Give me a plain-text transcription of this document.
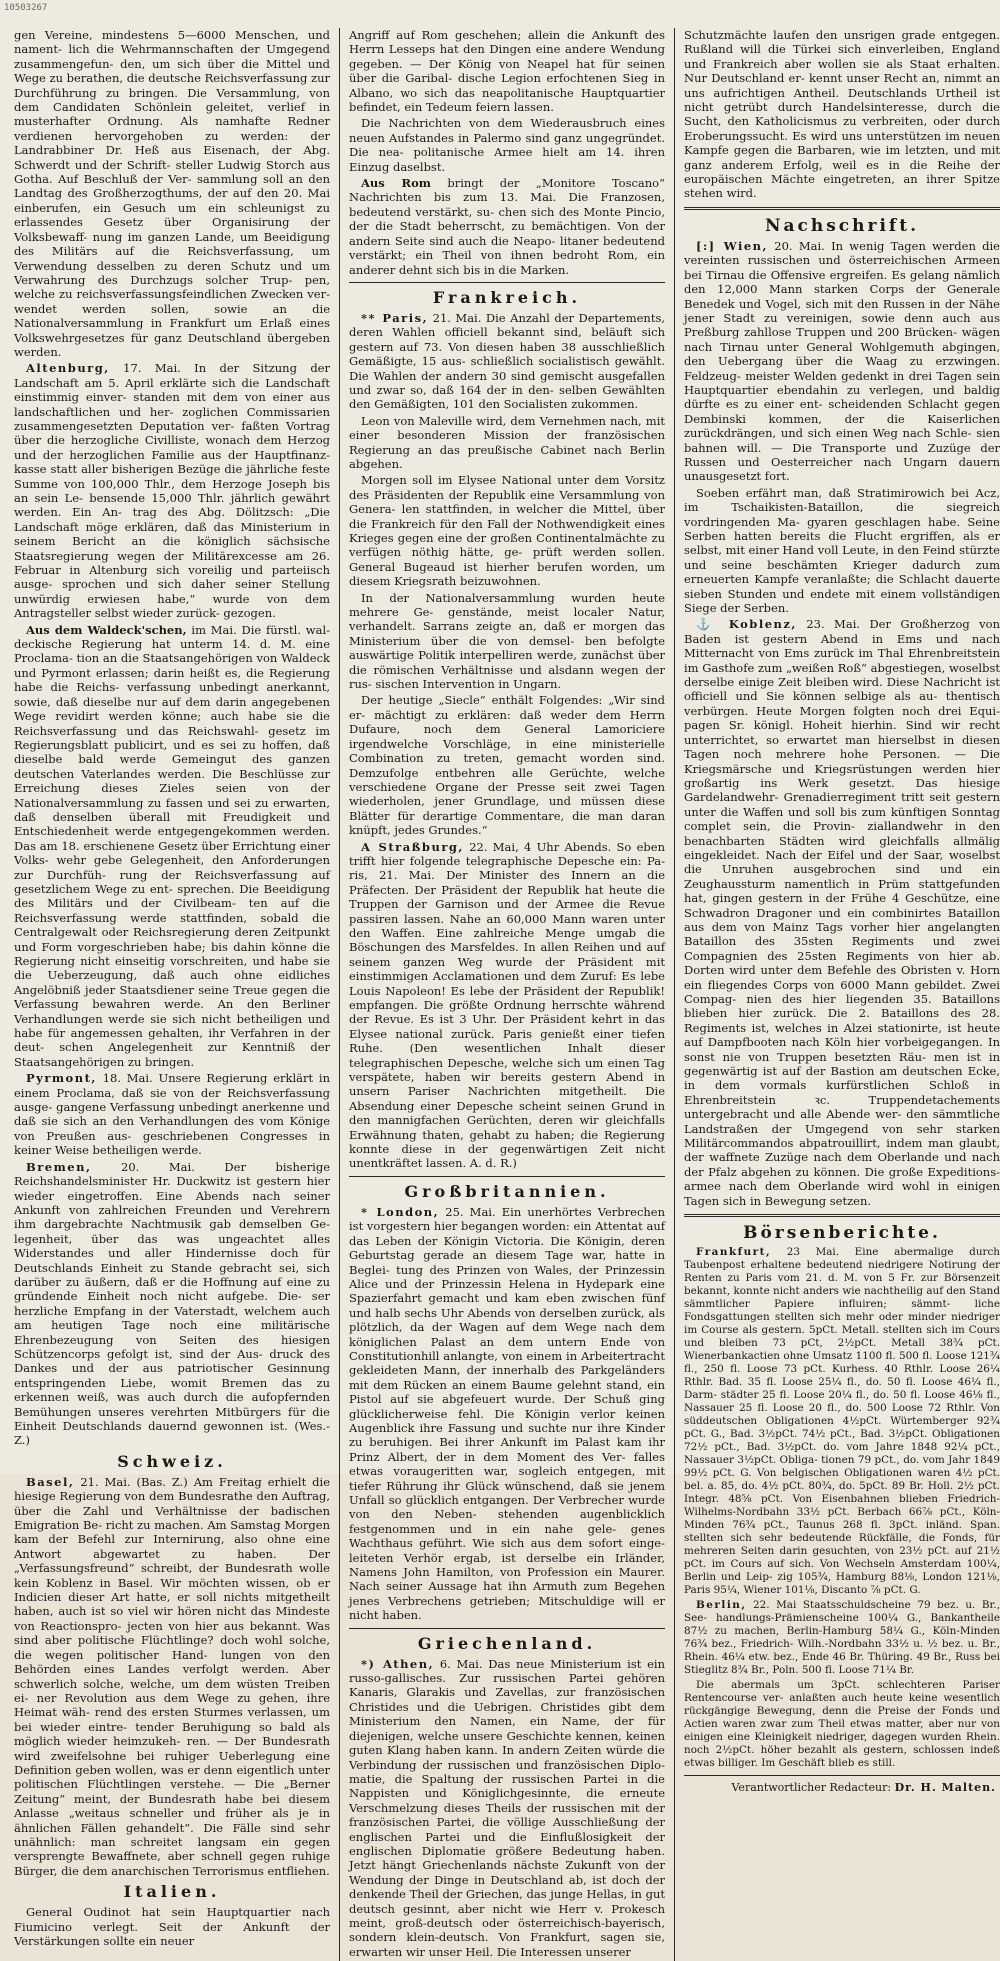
10503267

gen Vereine, mindestens 5—6000 Menschen, und nament- lich die Wehrmannschaften der Umgegend zusammengefun- den, um sich über die Mittel und Wege zu berathen, die deutsche Reichsverfassung zur Durchführung zu bringen. Die Versammlung, von dem Candidaten Schönlein geleitet, verlief in musterhafter Ordnung. Als namhafte Redner verdienen hervorgehoben zu werden: der Landrabbiner Dr. Heß aus Eisenach, der Abg. Schwerdt und der Schrift- steller Ludwig Storch aus Gotha. Auf Beschluß der Ver- sammlung soll an den Landtag des Großherzogthums, der auf den 20. Mai einberufen, ein Gesuch um ein schleunigst zu erlassendes Gesetz über Organisirung der Volksbewaff- nung im ganzen Lande, um Beeidigung des Militärs auf die Reichsverfassung, um Verwendung desselben zu deren Schutz und um Verwahrung des Durchzugs solcher Trup- pen, welche zu reichsverfassungsfeindlichen Zwecken ver- wendet werden sollen, sowie an die Nationalversammlung in Frankfurt um Erlaß eines Volkswehrgesetzes für ganz Deutschland übergeben werden.

Altenburg, 17. Mai. In der Sitzung der Landschaft am 5. April erklärte sich die Landschaft einstimmig einver- standen mit dem von einer aus landschaftlichen und her- zoglichen Commissarien zusammengesetzten Deputation ver- faßten Vortrag über die herzogliche Civilliste, wonach dem Herzog und der herzoglichen Familie aus der Hauptfinanz- kasse statt aller bisherigen Bezüge die jährliche feste Summe von 100,000 Thlr., dem Herzoge Joseph bis an sein Le- bensende 15,000 Thlr. jährlich gewährt werden. Ein An- trag des Abg. Dölitzsch: „Die Landschaft möge erklären, daß das Ministerium in seinem Bericht an die königlich sächsische Staatsregierung wegen der Militärexcesse am 26. Februar in Altenburg sich voreilig und parteiisch ausge- sprochen und sich daher seiner Stellung unwürdig erwiesen habe,“ wurde von dem Antragsteller selbst wieder zurück- gezogen.

Aus dem Waldeck'schen, im Mai. Die fürstl. wal- deckische Regierung hat unterm 14. d. M. eine Proclama- tion an die Staatsangehörigen von Waldeck und Pyrmont erlassen; darin heißt es, die Regierung habe die Reichs- verfassung unbedingt anerkannt, sowie, daß dieselbe nur auf dem darin angegebenen Wege revidirt werden könne; auch habe sie die Reichsverfassung und das Reichswahl- gesetz im Regierungsblatt publicirt, und es sei zu hoffen, daß dieselbe bald werde Gemeingut des ganzen deutschen Vaterlandes werden. Die Beschlüsse zur Erreichung dieses Zieles seien von der Nationalversammlung zu fassen und sei zu erwarten, daß denselben überall mit Freudigkeit und Entschiedenheit werde entgegengekommen werden. Das am 18. erschienene Gesetz über Errichtung einer Volks- wehr gebe Gelegenheit, den Anforderungen zur Durchfüh- rung der Reichsverfassung auf gesetzlichem Wege zu ent- sprechen. Die Beeidigung des Militärs und der Civilbeam- ten auf die Reichsverfassung werde stattfinden, sobald die Centralgewalt oder Reichsregierung deren Zeitpunkt und Form vorgeschrieben habe; bis dahin könne die Regierung nicht einseitig vorschreiten, und habe sie die Ueberzeugung, daß auch ohne eidliches Angelöbniß jeder Staatsdiener seine Treue gegen die Verfassung bewahren werde. An den Berliner Verhandlungen werde sie sich nicht betheiligen und habe für angemessen gehalten, ihr Verfahren in der deut- schen Angelegenheit zur Kenntniß der Staatsangehörigen zu bringen.

Pyrmont, 18. Mai. Unsere Regierung erklärt in einem Proclama, daß sie von der Reichsverfassung ausge- gangene Verfassung unbedingt anerkenne und daß sie sich an den Verhandlungen des vom Könige von Preußen aus- geschriebenen Congresses in keiner Weise betheiligen werde.

Bremen,	20. Mai. Der bisherige Reichshandelsminister Hr. Duckwitz ist gestern hier wieder eingetroffen. Eine Abends nach seiner Ankunft von zahlreichen Freunden und Verehrern ihm dargebrachte Nachtmusik gab demselben Ge- legenheit, über das was ungeachtet alles Widerstandes und aller Hindernisse doch für Deutschlands Einheit zu Stande gebracht sei, sich darüber zu äußern, daß er die Hoffnung auf eine zu gründende Einheit noch nicht aufgebe. Die- ser herzliche Empfang in der Vaterstadt, welchem auch am heutigen Tage noch eine militärische Ehrenbezeugung von Seiten des hiesigen Schützencorps gefolgt ist, sind der Aus- druck des Dankes und der aus patriotischer Gesinnung entspringenden Liebe, womit Bremen das zu erkennen weiß, was auch durch die aufopfernden Bemühungen unseres verehrten Mitbürgers für die Einheit Deutschlands dauernd gewonnen ist. (Wes.-Z.)

Schweiz.

Basel, 21. Mai. (Bas. Z.) Am Freitag erhielt die hiesige Regierung von dem Bundesrathe den Auftrag, über die Zahl und Verhältnisse der badischen Emigration Be- richt zu machen. Am Samstag Morgen kam der Befehl zur Internirung, also ohne eine Antwort abgewartet zu haben. Der „Verfassungsfreund“ schreibt, der Bundesrath wolle kein Koblenz in Basel. Wir möchten wissen, ob er Indicien dieser Art hatte, er soll nichts mitgetheilt haben, auch ist so viel wir hören nicht das Mindeste von Reactionspro- jecten von hier aus bekannt. Was sind aber politische Flüchtlinge? doch wohl solche, die wegen politischer Hand- lungen von den Behörden eines Landes verfolgt werden. Aber schwerlich solche, welche, um dem wüsten Treiben ei- ner Revolution aus dem Wege zu gehen, ihre Heimat wäh- rend des ersten Sturmes verlassen, um bei wieder eintre- tender Beruhigung so bald als möglich wieder heimzukeh- ren. — Der Bundesrath wird zweifelsohne bei ruhiger Ueberlegung eine Definition geben wollen, was er denn eigentlich unter politischen Flüchtlingen verstehe. — Die „Berner Zeitung“ meint, der Bundesrath habe bei diesem Anlasse „weitaus schneller und früher als je in ähnlichen Fällen gehandelt“. Die Fälle sind sehr unähnlich: man schreitet langsam ein gegen versprengte Bewaffnete, aber schnell gegen ruhige Bürger, die dem anarchischen Terrorismus entfliehen.

Italien.

General Oudinot hat sein Hauptquartier nach Fiumicino verlegt. Seit der Ankunft der Verstärkungen sollte ein neuer

Angriff auf Rom geschehen; allein die Ankunft des Herrn Lesseps hat den Dingen eine andere Wendung gegeben. — Der König von Neapel hat für seinen über die Garibal- dische Legion erfochtenen Sieg in Albano, wo sich das neapolitanische Hauptquartier befindet, ein Tedeum feiern lassen.

Die Nachrichten von dem Wiederausbruch eines neuen Aufstandes in Palermo sind ganz ungegründet. Die nea- politanische Armee hielt am 14. ihren Einzug daselbst.

Aus Rom bringt der „Monitore Toscano“ Nachrichten bis zum 13. Mai. Die Franzosen, bedeutend verstärkt, su- chen sich des Monte Pincio, der die Stadt beherrscht, zu bemächtigen. Von der andern Seite sind auch die Neapo- litaner bedeutend verstärkt; ein Theil von ihnen bedroht Rom, ein anderer dehnt sich bis in die Marken.

Frankreich.

** Paris, 21. Mai. Die Anzahl der Departements, deren Wahlen officiell bekannt sind, beläuft sich gestern auf 73. Von diesen haben 38 ausschließlich Gemäßigte, 15 aus- schließlich socialistisch gewählt. Die Wahlen der andern 30 sind gemischt ausgefallen und zwar so, daß 164 der in den- selben Gewählten den Gemäßigten, 101 den Socialisten zukommen.

Leon von Maleville wird, dem Vernehmen nach, mit einer besonderen Mission der französischen Regierung an das preußische Cabinet nach Berlin abgehen.

Morgen soll im Elysee National unter dem Vorsitz des Präsidenten der Republik eine Versammlung von Genera- len stattfinden, in welcher die Mittel, über die Frankreich für den Fall der Nothwendigkeit eines Krieges gegen eine der großen Continentalmächte zu verfügen nöthig hätte, ge- prüft werden sollen. General Bugeaud ist hierher berufen worden, um diesem Kriegsrath beizuwohnen.

In der Nationalversammlung wurden heute mehrere Ge- genstände, meist localer Natur, verhandelt. Sarrans zeigte an, daß er morgen das Ministerium über die von demsel- ben befolgte auswärtige Politik interpelliren werde, zunächst über die römischen Verhältnisse und alsdann wegen der rus- sischen Intervention in Ungarn.

Der heutige „Siecle“ enthält Folgendes: „Wir sind er- mächtigt zu erklären: daß weder dem Herrn Dufaure, noch dem General Lamoriciere irgendwelche Vorschläge, in eine ministerielle Combination zu treten, gemacht worden sind. Demzufolge entbehren alle Gerüchte, welche verschiedene Organe der Presse seit zwei Tagen wiederholen, jener Grundlage, und müssen diese Blätter für derartige Commentare, die man daran knüpft, jedes Grundes.“

A Straßburg, 22. Mai, 4 Uhr Abends. So eben trifft hier folgende telegraphische Depesche ein: Pa- ris, 21. Mai. Der Minister des Innern an die Präfecten. Der Präsident der Republik hat heute die Truppen der Garnison und der Armee die Revue passiren lassen. Nahe an 60,000 Mann waren unter den Waffen. Eine zahlreiche Menge umgab die Böschungen des Marsfeldes. In allen Reihen und auf seinem ganzen Weg wurde der Präsident mit einstimmigen Acclamationen und dem Zuruf: Es lebe Louis Napoleon! Es lebe der Präsident der Republik! empfangen. Die größte Ordnung herrschte während der Revue. Es ist 3 Uhr. Der Präsident kehrt in das Elysee national zurück. Paris genießt einer tiefen Ruhe. (Den wesentlichen Inhalt dieser telegraphischen Depesche, welche sich um einen Tag verspätete, haben wir bereits gestern Abend in unsern Pariser Nachrichten mitgetheilt. Die Absendung einer Depesche scheint seinen Grund in den mannigfachen Gerüchten, deren wir gleichfalls Erwähnung thaten, gehabt zu haben; die Regierung konnte diese in der gegenwärtigen Zeit nicht unentkräftet lassen. A. d. R.)

Großbritannien.

* London, 25. Mai. Ein unerhörtes Verbrechen ist vorgestern hier begangen worden: ein Attentat auf das Leben der Königin Victoria. Die Königin, deren Geburtstag gerade an diesem Tage war, hatte in Beglei- tung des Prinzen von Wales, der Prinzessin Alice und der Prinzessin Helena in Hydepark eine Spazierfahrt gemacht und kam eben zwischen fünf und halb sechs Uhr Abends von derselben zurück, als plötzlich, da der Wagen auf dem Wege nach dem königlichen Palast an dem untern Ende von Constitutionhill anlangte, von einem in Arbeitertracht gekleideten Mann, der innerhalb des Parkgeländers mit dem Rücken an einem Baume gelehnt stand, ein Pistol auf sie abgefeuert wurde. Der Schuß ging glücklicherweise fehl. Die Königin verlor keinen Augenblick ihre Fassung und suchte nur ihre Kinder zu beruhigen. Bei ihrer Ankunft im Palast kam ihr Prinz Albert, der in dem Moment des Ver- falles etwas voraugeritten war, sogleich entgegen, mit tiefer Rührung ihr Glück wünschend, daß sie jenem Unfall so glücklich entgangen. Der Verbrecher wurde von den Neben- stehenden augenblicklich festgenommen und in ein nahe gele- genes Wachthaus geführt. Wie sich aus dem sofort einge- leiteten Verhör ergab, ist derselbe ein Irländer, Namens John Hamilton, von Profession ein Maurer. Nach seiner Aussage hat ihn Armuth zum Begehen jenes Verbrechens getrieben; Mitschuldige will er nicht haben.

Griechenland.

*) Athen, 6. Mai. Das neue Ministerium ist ein russo-gallisches. Zur russischen Partei gehören Kanaris, Glarakis und Zavellas, zur französischen Christides und die Uebrigen. Christides gibt dem Ministerium den Namen, ein Name, der für diejenigen, welche unsere Geschichte kennen, keinen guten Klang haben kann. In andern Zeiten würde die Verbindung der russischen und französischen Diplo- matie, die Spaltung der russischen Partei in die Nappisten und Königlichgesinnte, die erneute Verschmelzung dieses Theils der russischen mit der französischen Partei, die völlige Ausschließung der englischen Partei und die Einflußlosigkeit der englischen Diplomatie größere Bedeutung haben. Jetzt hängt Griechenlands nächste Zukunft von der Wendung der Dinge in Deutschland ab, ist doch der denkende Theil der Griechen, das junge Hellas, in gut deutsch gesinnt, aber nicht wie Herr v. Prokesch meint, groß-deutsch oder österreichisch-bayerisch, sondern klein-deutsch. Von Frankfurt, sagen sie, erwarten wir unser Heil. Die Interessen unserer

Schutzmächte laufen den unsrigen grade entgegen. Rußland will die Türkei sich einverleiben, England und Frankreich aber wollen sie als Staat erhalten. Nur Deutschland er- kennt unser Recht an, nimmt an uns aufrichtigen Antheil. Deutschlands Urtheil ist nicht getrübt durch Handelsinteresse, durch die Sucht, den Katholicismus zu verbreiten, oder durch Eroberungssucht. Es wird uns unterstützen im neuen Kampfe gegen die Barbaren, wie im letzten, und mit ganz anderem Erfolg, weil es in die Reihe der europäischen Mächte eingetreten, an ihrer Spitze stehen wird.

Nachschrift.

[:] Wien, 20. Mai. In wenig Tagen werden die vereinten russischen und österreichischen Armeen bei Tirnau die Offensive ergreifen. Es gelang nämlich den 12,000 Mann starken Corps der Generale Benedek und Vogel, sich mit den Russen in der Nähe jener Stadt zu vereinigen, sowie denn auch aus Preßburg zahllose Truppen und 200 Brücken- wägen nach Tirnau unter General Wohlgemuth abgingen, den Uebergang über die Waag zu erzwingen. Feldzeug- meister Welden gedenkt in drei Tagen sein Hauptquartier ebendahin zu verlegen, und baldig dürfte es zu einer ent- scheidenden Schlacht gegen Dembinski kommen, der die Kaiserlichen zurückdrängen, und sich einen Weg nach Schle- sien bahnen will. — Die Transporte und Zuzüge der Russen und Oesterreicher nach Ungarn dauern unausgesetzt fort.

Soeben erfährt man, daß Stratimirowich bei Acz, im Tschaikisten-Bataillon, die siegreich vordringenden Ma- gyaren geschlagen habe. Seine Serben hatten bereits die Flucht ergriffen, als er selbst, mit einer Hand voll Leute, in den Feind stürzte und seine beschämten Krieger dadurch zum erneuerten Kampfe veranlaßte; die Schlacht dauerte sieben Stunden und endete mit einem vollständigen Siege der Serben.

⚓ Koblenz, 23. Mai. Der Großherzog von Baden ist gestern Abend in Ems und nach Mitternacht von Ems zurück im Thal Ehrenbreitstein im Gasthofe zum „weißen Roß“ abgestiegen, woselbst derselbe einige Zeit bleiben wird. Diese Nachricht ist officiell und Sie können selbige als au- thentisch verbürgen. Heute Morgen folgten noch drei Equi- pagen Sr. königl. Hoheit hierhin. Sind wir recht unterrichtet, so erwartet man hierselbst in diesen Tagen noch mehrere hohe Personen. — Die Kriegsmärsche und Kriegsrüstungen werden hier großartig ins Werk gesetzt. Das hiesige Gardelandwehr- Grenadierregiment tritt seit gestern unter die Waffen und soll bis zum künftigen Sonntag complet sein, die Provin- ziallandwehr in den benachbarten Städten wird gleichfalls allmälig eingekleidet. Nach der Eifel und der Saar, woselbst die Unruhen ausgebrochen sind und ein Zeughaussturm namentlich in Prüm stattgefunden hat, gingen gestern in der Frühe 4 Geschütze, eine Schwadron Dragoner und ein combinirtes Bataillon aus dem von Mainz Tags vorher hier angelangten Bataillon des 35sten Regiments und zwei Compagnien des 25sten Regiments von hier ab. Dorten wird unter dem Befehle des Obristen v. Horn ein fliegendes Corps von 6000 Mann gebildet. Zwei Compag- nien des hier liegenden 35. Bataillons blieben hier zurück. Die 2. Bataillons des 28. Regiments ist, welches in Alzei stationirte, ist heute auf Dampfbooten nach Köln hier vorbeigegangen. In sonst nie von Truppen besetzten Räu- men ist in gegenwärtig ist auf der Bastion am deutschen Ecke, in dem vormals kurfürstlichen Schloß in Ehrenbreitstein ꝛc. Truppendetachements untergebracht und alle Abende wer- den sämmtliche Landstraßen der Umgegend von sehr starken Militärcommandos abpatrouillirt, indem man glaubt, der waffnete Zuzüge nach dem Oberlande und nach der Pfalz abgehen zu können. Die große Expeditions- armee nach dem Oberlande wird wohl in einigen Tagen sich in Bewegung setzen.

Börsenberichte.

Frankfurt, 23 Mai. Eine abermalige durch Taubenpost erhaltene bedeutend niedrigere Notirung der Renten zu Paris vom 21. d. M. von 5 Fr. zur Börsenzeit bekannt, konnte nicht anders wie nachtheilig auf den Stand sämmtlicher Papiere influiren; sämmt- liche Fondsgattungen stellten sich mehr oder minder niedriger im Course als gestern. 5pCt. Metall. stellten sich im Cours und bleiben 73 pCt, 2½pCt. Metall 38¾ pCt. Wienerbankactien ohne Umsatz 1100 fl. 500 fl. Loose 121¾ fl., 250 fl. Loose 73 pCt. Kurhess. 40 Rthlr. Loose 26¼ Rthlr. Bad. 35 fl. Loose 25¼ fl., do. 50 fl. Loose 46¼ fl., Darm- städter 25 fl. Loose 20¼ fl., do. 50 fl. Loose 46⅛ fl., Nassauer 25 fl. Loose 20 fl., do. 500 Loose 72 Rthlr. Von süddeutschen Obligationen 4½pCt. Würtemberger 92¾ pCt. G., Bad. 3½pCt. 74½ pCt., Bad. 3½pCt. Obligationen 72½ pCt., Bad. 3½pCt. do. vom Jahre 1848 92¼ pCt., Nassauer 3½pCt. Obliga- tionen 79 pCt., do. vom Jahr 1849 99½ pCt. G. Von belgischen Obligationen waren 4½ pCt. bel. a. 85, do. 4½ pCt. 80¾, do. 5pCt. 89 Br. Holl. 2½ pCt. Integr. 48⅝ pCt. Von Eisenbahnen blieben Friedrich-Wilhelms-Nordbahn 33½ pCt. Berbach 66⅞ pCt., Köln-Minden 76¾ pCt., Taunus 268 fl. 3pCt. inländ. Span. stellten sich sehr bedeutende Rückfälle, die Fonds, für mehreren Seiten darin gesuchten, von 23½ pCt. auf 21½ pCt. im Cours auf sich. Von Wechseln Amsterdam 100¼, Berlin und Leip- zig 105¾, Hamburg 88⅛, London 121⅛, Paris 95¼, Wiener 101⅛, Discanto ⅞ pCt. G.

Berlin, 22. Mai Staatsschuldscheine 79 bez. u. Br., See- handlungs-Prämienscheine 100¼ G., Bankantheile 87½ zu machen, Berlin-Hamburg 58¼ G., Köln-Minden 76¾ bez., Friedrich- Wilh.-Nordbahn 33½ u. ½ bez. u. Br., Rhein. 46¼ etw. bez., Ende 46 Br. Thüring. 49 Br., Russ bei Stieglitz 8¾ Br., Poln. 500 fl. Loose 71¼ Br.

Die abermals um 3pCt. schlechteren Pariser Rentencourse ver- anlaßten auch heute keine wesentlich rückgängige Bewegung, denn die Preise der Fonds und Actien waren zwar zum Theil etwas matter, aber nur von einigen eine Kleinigkeit niedriger, dagegen wurden Rhein. noch 2½pCt. höher bezahlt als gestern, schlossen indeß etwas billiger. Im Geschäft blieb es still.

Verantwortlicher Redacteur: Dr. H. Malten.
